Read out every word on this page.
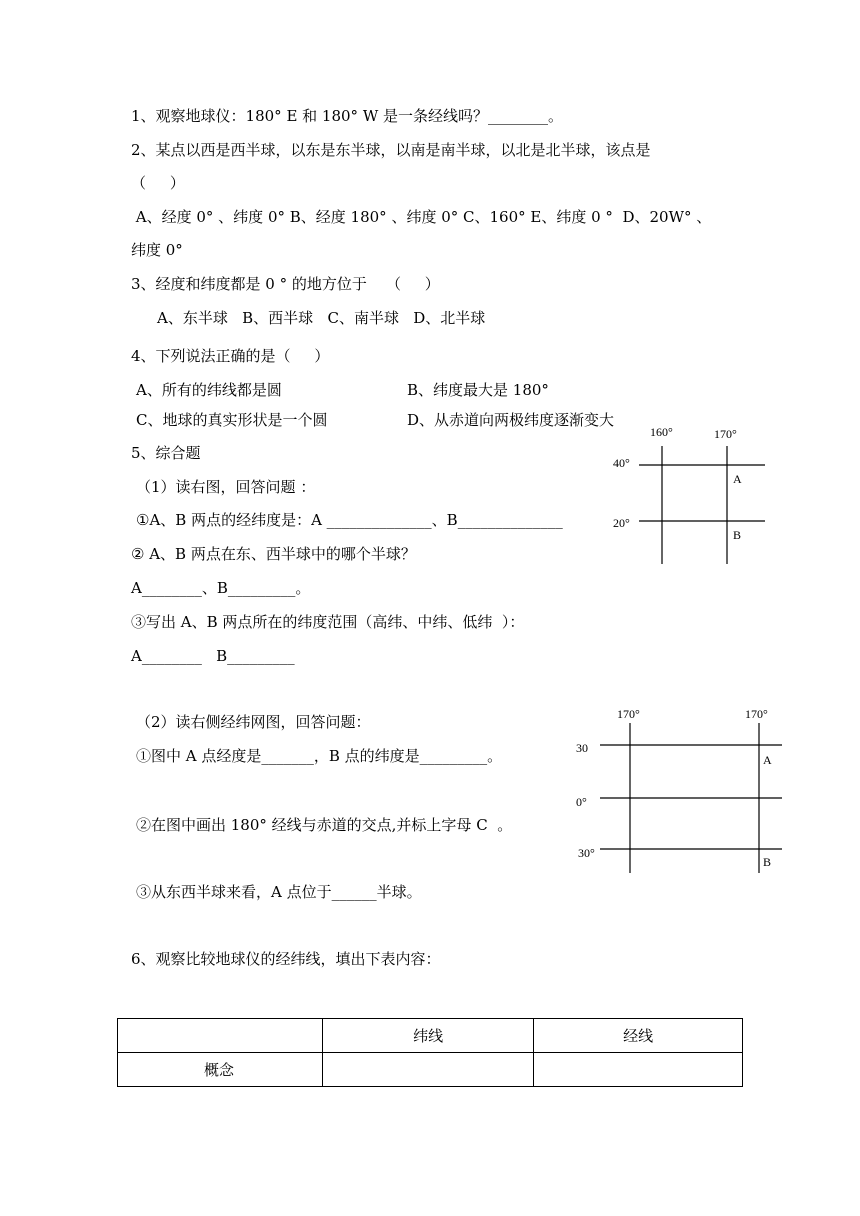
1、观察地球仪：180° E 和 180° W 是一条经线吗？________。
2、某点以西是西半球，以东是东半球，以南是南半球，以北是北半球，该点是
（     ）
A、经度 0° 、纬度 0° B、经度 180° 、纬度 0° C、160° E、纬度 0 °  D、20W° 、
纬度 0°
3、经度和纬度都是 0 ° 的地方位于    （     ）
A、东半球   B、西半球   C、南半球   D、北半球
4、下列说法正确的是（     ）
A、所有的纬线都是圆	B、纬度最大是 180°
C、地球的真实形状是一个圆	D、从赤道向两极纬度逐渐变大
5、综合题
（1）读右图，回答问题 ：
①A、B 两点的经纬度是：A ______________、B______________
② A、B 两点在东、西半球中的哪个半球？
A________、B_________。
③写出 A、B 两点所在的纬度范围（高纬、中纬、低纬  ）：
A________   B_________
（2）读右侧经纬网图，回答问题：
①图中 A 点经度是_______，B 点的纬度是_________。
②在图中画出 180° 经线与赤道的交点,并标上字母 C  。
③从东西半球来看，A 点位于______半球。
160°	170°
40°
20°
A
B
170°	170°
30
0°
30°
A
B
6、观察比较地球仪的经纬线，填出下表内容：
	纬线	经线
概念		
